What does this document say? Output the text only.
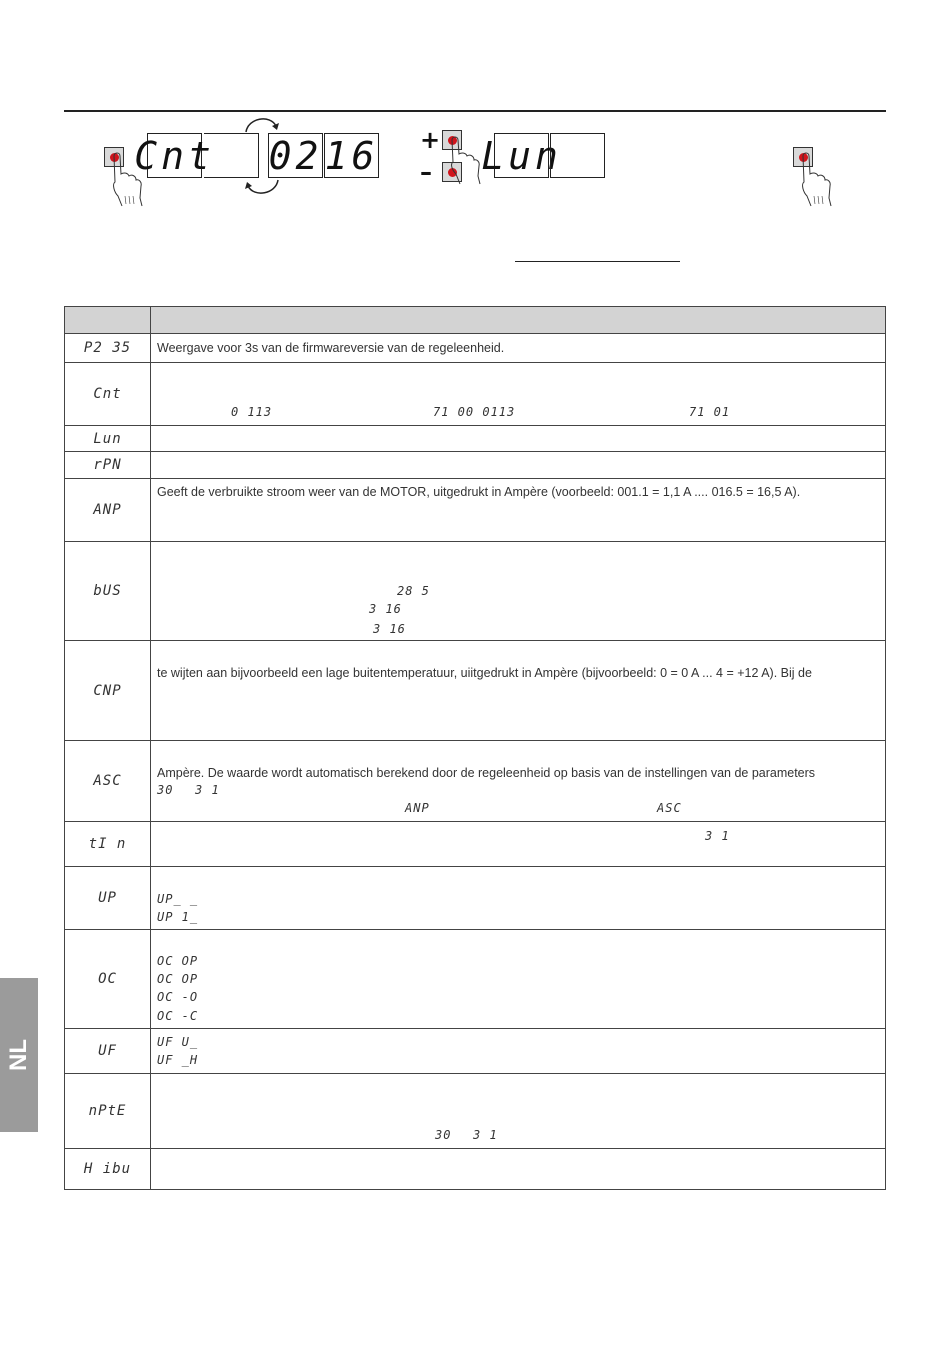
Cnt 02 16 +
– Lun

P2 35	Weergave voor 3s van de firmwareversie van de regeleenheid.

Cnt	0 113 71 00 0113 71 01

Lun	
rPN	
ANP	Geeft de verbruikte stroom weer van de MOTOR, uitgedrukt in Ampère (voorbeeld: 001.1 = 1,1 A .... 016.5 = 16,5 A).

bUS	28 5
3 16
3 16

CNP	te wijten aan bijvoorbeeld een lage buitentemperatuur, uiitgedrukt in Ampère (bijvoorbeeld: 0 = 0 A ... 4 = +12 A). Bij de

ASC	Ampère. De waarde wordt automatisch berekend door de regeleenheid op basis van de instellingen van de parameters
30 3 1
ANP ASC

tI n	3 1

UP	UP_ _
UP 1_

OC	OC OP
OC OP
OC -O
OC -C

UF	UF U_
UF _H

nPtE	30 3 1

H ibu	
NL
